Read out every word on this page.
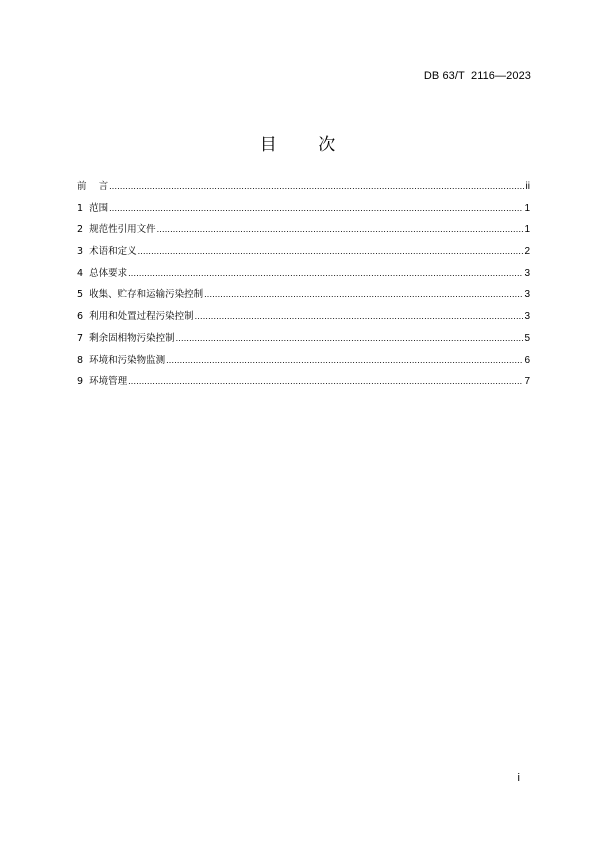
DB 63/T  2116—2023
目 次
前    言 .....	ii
1  范围 .....	1
2  规范性引用文件 .....	1
3  术语和定义 .....	2
4  总体要求 .....	3
5  收集、贮存和运输污染控制 .....	3
6  利用和处置过程污染控制 .....	3
7  剩余固相物污染控制 .....	5
8  环境和污染物监测 .....	6
9  环境管理 .....	7
i
